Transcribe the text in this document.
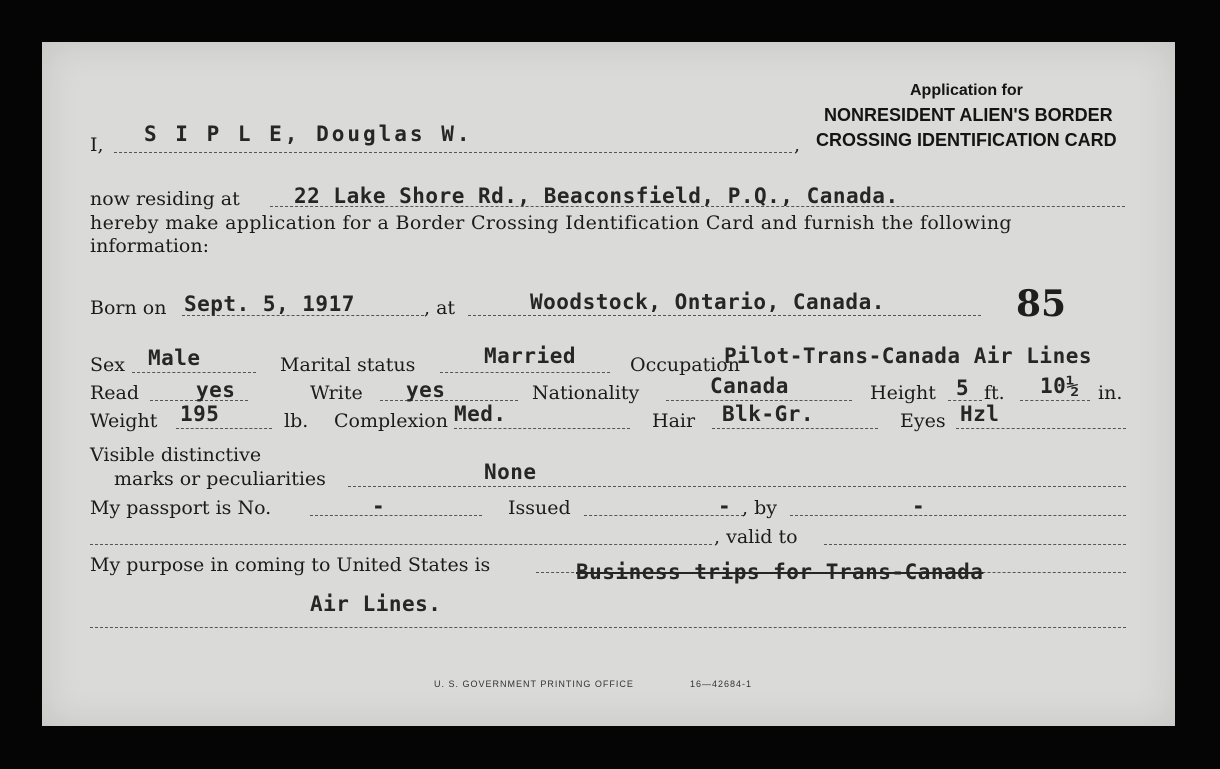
Application for
NONRESIDENT ALIEN'S BORDER
CROSSING IDENTIFICATION CARD
I, S I P L E, Douglas W.	,
now residing at	22 Lake Shore Rd., Beaconsfield, P.Q., Canada.
hereby make application for a Border Crossing Identification Card and furnish the following
information:
Born on Sept. 5, 1917	, at	Woodstock, Ontario, Canada.	85
Sex Male	Marital status	Married	Occupation
Pilot-Trans-Canada Air Lines
Read	yes	Write yes	Nationality	Canada	Height 5 ft. 10½ in.
Weight 195	lb. Complexion Med.	Hair Blk-Gr.	Eyes Hzl
Visible distinctive
marks or peculiarities	None
My passport is No.	-	Issued	- , by	-
, valid to
My purpose in coming to United States is	Business trips for Trans-Canada
Air Lines.
U. S. GOVERNMENT PRINTING OFFICE	16—42684-1
